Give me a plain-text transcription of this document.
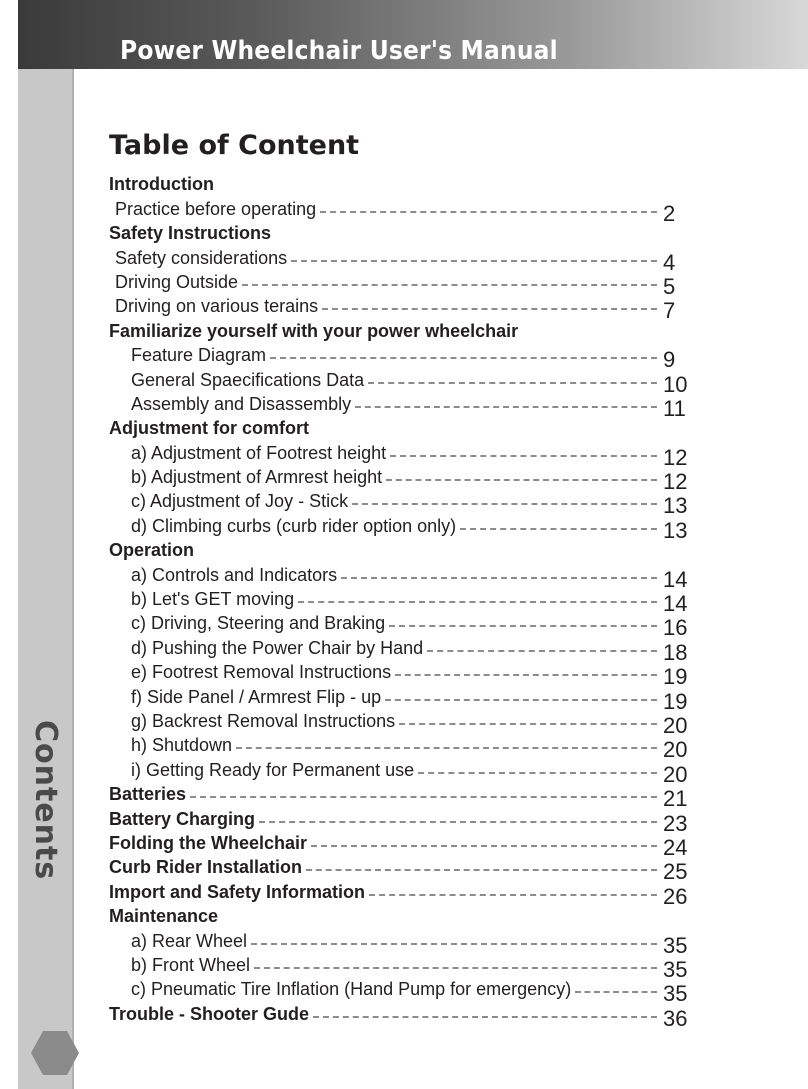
Power Wheelchair User's Manual
Contents
Table of Content
Introduction
Practice before operating	2
Safety Instructions
Safety considerations	4
Driving Outside	5
Driving on various terains	7
Familiarize yourself with your power wheelchair
Feature Diagram	9
General Spaecifications Data	10
Assembly and Disassembly	11
Adjustment for comfort
a) Adjustment of Footrest height	12
b) Adjustment of Armrest height	12
c) Adjustment of Joy - Stick	13
d) Climbing curbs (curb rider option only)	13
Operation
a) Controls and Indicators	14
b) Let's GET moving	14
c) Driving, Steering and Braking	16
d) Pushing the Power Chair by Hand	18
e) Footrest Removal Instructions	19
f) Side Panel / Armrest Flip - up	19
g) Backrest Removal Instructions	20
h) Shutdown	20
i) Getting Ready for Permanent use	20
Batteries	21
Battery Charging	23
Folding the Wheelchair	24
Curb Rider Installation	25
Import and Safety Information	26
Maintenance
a) Rear Wheel	35
b) Front Wheel	35
c) Pneumatic Tire Inflation (Hand Pump for emergency)	35
Trouble - Shooter Gude	36
